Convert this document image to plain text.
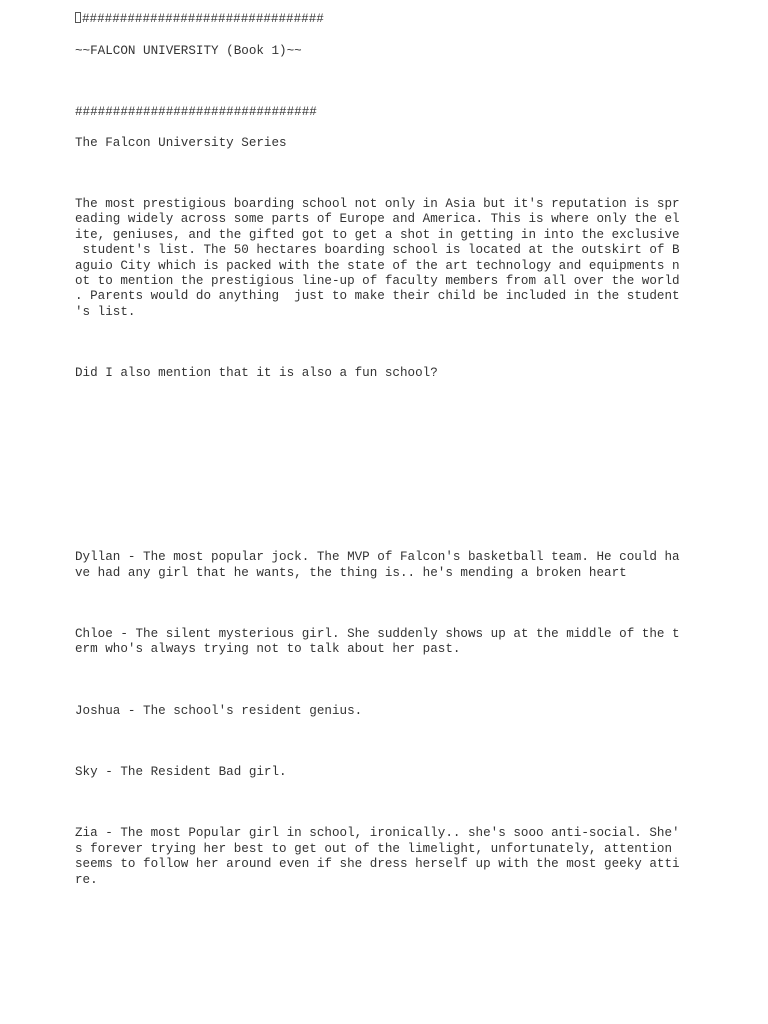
################################

~~FALCON UNIVERSITY (Book 1)~~

################################

The Falcon University Series

The most prestigious boarding school not only in Asia but it's reputation is spr

eading widely across some parts of Europe and America. This is where only the el

ite, geniuses, and the gifted got to get a shot in getting in into the exclusive

student's list. The 50 hectares boarding school is located at the outskirt of B

aguio City which is packed with the state of the art technology and equipments n

ot to mention the prestigious line-up of faculty members from all over the world

. Parents would do anything  just to make their child be included in the student

's list.

Did I also mention that it is also a fun school?

Dyllan - The most popular jock. The MVP of Falcon's basketball team. He could ha

ve had any girl that he wants, the thing is.. he's mending a broken heart

Chloe - The silent mysterious girl. She suddenly shows up at the middle of the t

erm who's always trying not to talk about her past.

Joshua - The school's resident genius.

Sky - The Resident Bad girl.

Zia - The most Popular girl in school, ironically.. she's sooo anti-social. She'

s forever trying her best to get out of the limelight, unfortunately, attention

seems to follow her around even if she dress herself up with the most geeky atti

re.
